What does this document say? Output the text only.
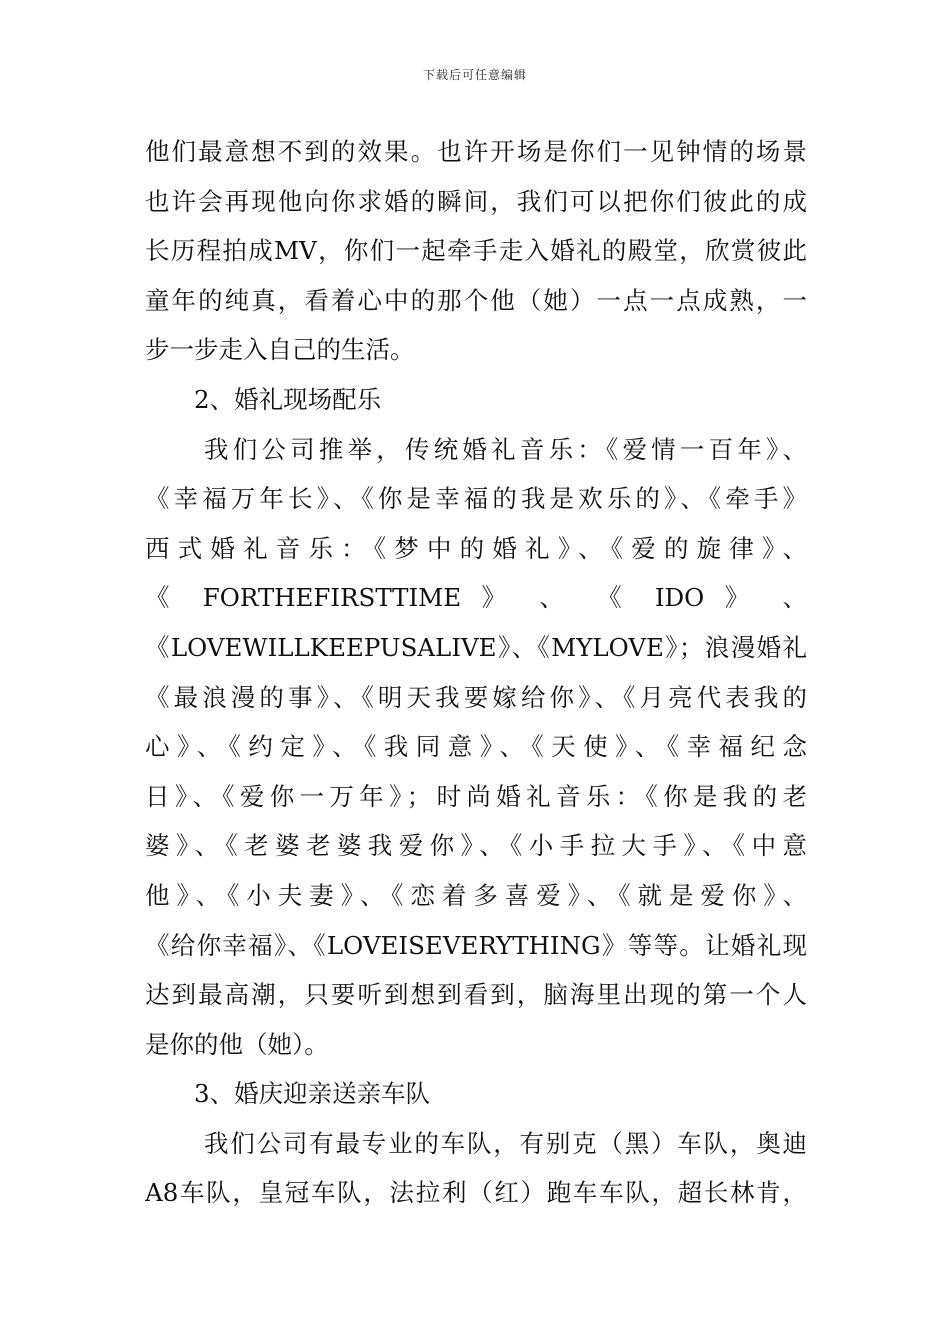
下载后可任意编辑
他们最意想不到的效果。也许开场是你们一见钟情的场景
也许会再现他向你求婚的瞬间，我们可以把你们彼此的成
长历程拍成MV，你们一起牵手走入婚礼的殿堂，欣赏彼此
童年的纯真，看着心中的那个他（她）一点一点成熟，一
步一步走入自己的生活。
2、婚礼现场配乐
我们公司推举，传统婚礼音乐：《爱情一百年》、
《幸福万年长》、《你是幸福的我是欢乐的》、《牵手》
西式婚礼音乐：《梦中的婚礼》、《爱的旋律》、
《 FORTHEFIRSTTIME 》 、 《 IDO 》 、
《LOVEWILLKEEPUSALIVE》、《MYLOVE》；浪漫婚礼
《最浪漫的事》、《明天我要嫁给你》、《月亮代表我的
心》、《约定》、《我同意》、《天使》、《幸福纪念
日》、《爱你一万年》；时尚婚礼音乐：《你是我的老
婆》、《老婆老婆我爱你》、《小手拉大手》、《中意
他》、《小夫妻》、《恋着多喜爱》、《就是爱你》、
《给你幸福》、《LOVEISEVERYTHING》等等。让婚礼现
达到最高潮，只要听到想到看到，脑海里出现的第一个人
是你的他（她）。
3、婚庆迎亲送亲车队
我们公司有最专业的车队，有别克（黑）车队，奥迪
A8车队，皇冠车队，法拉利（红）跑车车队，超长林肯，
